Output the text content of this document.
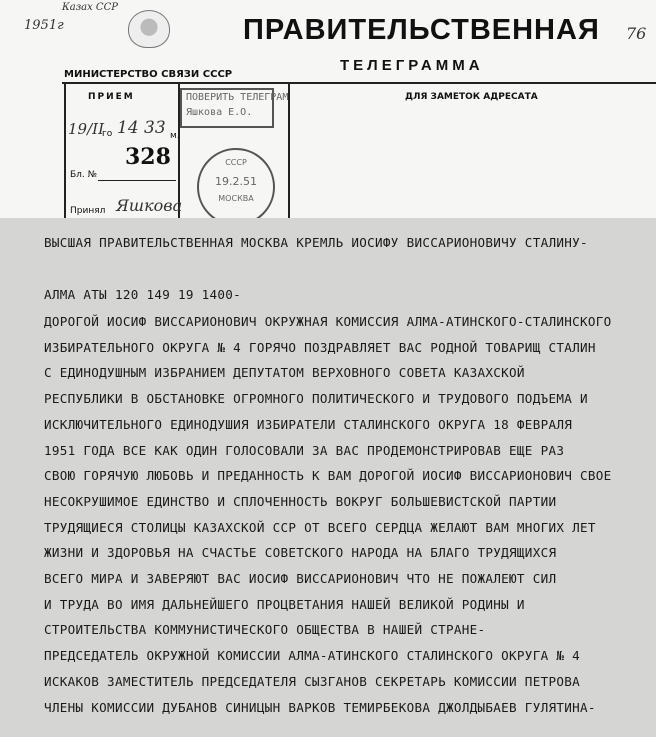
1951г
Казах ССР
76
ПРАВИТЕЛЬСТВЕННАЯ
ТЕЛЕГРАММА
МИНИСТЕРСТВО СВЯЗИ СССР
ПРИЕМ
19/II
го 14 33 м.
328
Бл. №
Принял Яшкова
ПОВЕРИТЬ ТЕЛЕГРАМ
Яшкова Е.О.
СССР
19.2.51
МОСКВА
ДЛЯ ЗАМЕТОК АДРЕСАТА
ВЫСШАЯ ПРАВИТЕЛЬСТВЕННАЯ МОСКВА КРЕМЛЬ ИОСИФУ ВИССАРИОНОВИЧУ СТАЛИНУ-
АЛМА АТЫ 120 149 19 1400-
ДОРОГОЙ ИОСИФ ВИССАРИОНОВИЧ ОКРУЖНАЯ КОМИССИЯ АЛМА-АТИНСКОГО-СТАЛИНСКОГО
ИЗБИРАТЕЛЬНОГО ОКРУГА № 4 ГОРЯЧО ПОЗДРАВЛЯЕТ ВАС РОДНОЙ ТОВАРИЩ СТАЛИН
С ЕДИНОДУШНЫМ ИЗБРАНИЕМ ДЕПУТАТОМ ВЕРХОВНОГО СОВЕТА КАЗАХСКОЙ
РЕСПУБЛИКИ В ОБСТАНОВКЕ ОГРОМНОГО ПОЛИТИЧЕСКОГО И ТРУДОВОГО ПОДЪЕМА И
ИСКЛЮЧИТЕЛЬНОГО ЕДИНОДУШИЯ ИЗБИРАТЕЛИ СТАЛИНСКОГО ОКРУГА 18 ФЕВРАЛЯ
1951 ГОДА ВСЕ КАК ОДИН ГОЛОСОВАЛИ ЗА ВАС ПРОДЕМОНСТРИРОВАВ ЕЩЕ РАЗ
СВОЮ ГОРЯЧУЮ ЛЮБОВЬ И ПРЕДАННОСТЬ К ВАМ ДОРОГОЙ ИОСИФ ВИССАРИОНОВИЧ СВОЕ
НЕСОКРУШИМОЕ ЕДИНСТВО И СПЛОЧЕННОСТЬ ВОКРУГ БОЛЬШЕВИСТСКОЙ ПАРТИИ
ТРУДЯЩИЕСЯ СТОЛИЦЫ КАЗАХСКОЙ ССР ОТ ВСЕГО СЕРДЦА ЖЕЛАЮТ ВАМ МНОГИХ ЛЕТ
ЖИЗНИ И ЗДОРОВЬЯ НА СЧАСТЬЕ СОВЕТСКОГО НАРОДА НА БЛАГО ТРУДЯЩИХСЯ
ВСЕГО МИРА И ЗАВЕРЯЮТ ВАС ИОСИФ ВИССАРИОНОВИЧ ЧТО НЕ ПОЖАЛЕЮТ СИЛ
И ТРУДА ВО ИМЯ ДАЛЬНЕЙШЕГО ПРОЦВЕТАНИЯ НАШЕЙ ВЕЛИКОЙ РОДИНЫ И
СТРОИТЕЛЬСТВА КОММУНИСТИЧЕСКОГО ОБЩЕСТВА В НАШЕЙ СТРАНЕ-
ПРЕДСЕДАТЕЛЬ ОКРУЖНОЙ КОМИССИИ АЛМА-АТИНСКОГО СТАЛИНСКОГО ОКРУГА № 4
ИСКАКОВ ЗАМЕСТИТЕЛЬ ПРЕДСЕДАТЕЛЯ СЫЗГАНОВ СЕКРЕТАРЬ КОМИССИИ ПЕТРОВА
ЧЛЕНЫ КОМИССИИ ДУБАНОВ СИНИЦЫН ВАРКОВ ТЕМИРБЕКОВА ДЖОЛДЫБАЕВ ГУЛЯТИНА-
